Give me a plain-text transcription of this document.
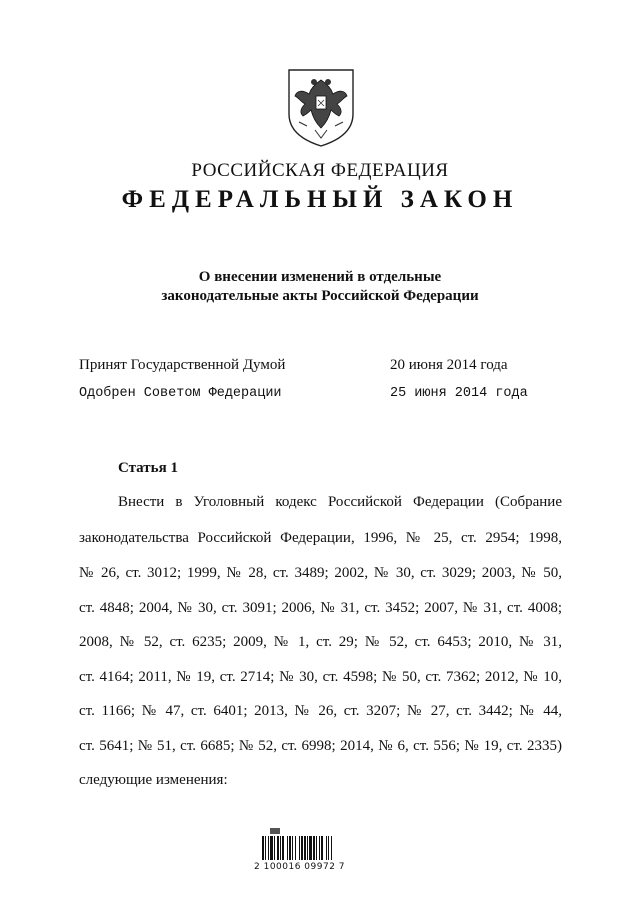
РОССИЙСКАЯ ФЕДЕРАЦИЯ
ФЕДЕРАЛЬНЫЙ ЗАКОН
О внесении изменений в отдельные
законодательные акты Российской Федерации
Принят Государственной Думой	20 июня 2014 года
Одобрен Советом Федерации	25 июня 2014 года
Статья 1
Внести в Уголовный кодекс Российской Федерации (Собрание
законодательства Российской Федерации, 1996, № 25, ст. 2954; 1998,
№ 26, ст. 3012; 1999, № 28, ст. 3489; 2002, № 30, ст. 3029; 2003, № 50,
ст. 4848; 2004, № 30, ст. 3091; 2006, № 31, ст. 3452; 2007, № 31, ст. 4008;
2008, № 52, ст. 6235; 2009, № 1, ст. 29; № 52, ст. 6453; 2010, № 31,
ст. 4164; 2011, № 19, ст. 2714; № 30, ст. 4598; № 50, ст. 7362; 2012, № 10,
ст. 1166; № 47, ст. 6401; 2013, № 26, ст. 3207; № 27, ст. 3442; № 44,
ст. 5641; № 51, ст. 6685; № 52, ст. 6998; 2014, № 6, ст. 556; № 19, ст. 2335)
следующие изменения:
2 100016 09972 7
